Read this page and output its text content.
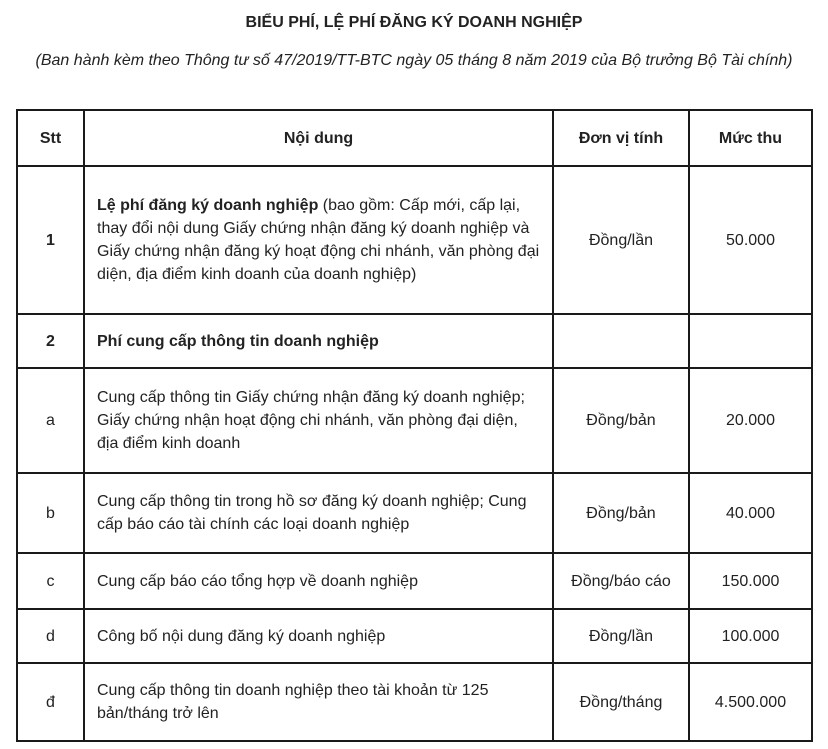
BIỂU PHÍ, LỆ PHÍ ĐĂNG KÝ DOANH NGHIỆP
(Ban hành kèm theo Thông tư số 47/2019/TT-BTC ngày 05 tháng 8 năm 2019 của Bộ trưởng Bộ Tài chính)
Stt	Nội dung	Đơn vị tính	Mức thu
1	Lệ phí đăng ký doanh nghiệp (bao gồm: Cấp mới, cấp lại, thay đổi nội dung Giấy chứng nhận đăng ký doanh nghiệp và Giấy chứng nhận đăng ký hoạt động chi nhánh, văn phòng đại diện, địa điểm kinh doanh của doanh nghiệp)	Đồng/lần	50.000
2	Phí cung cấp thông tin doanh nghiệp		
a	Cung cấp thông tin Giấy chứng nhận đăng ký doanh nghiệp; Giấy chứng nhận hoạt động chi nhánh, văn phòng đại diện, địa điểm kinh doanh	Đồng/bản	20.000
b	Cung cấp thông tin trong hồ sơ đăng ký doanh nghiệp; Cung cấp báo cáo tài chính các loại doanh nghiệp	Đồng/bản	40.000
c	Cung cấp báo cáo tổng hợp về doanh nghiệp	Đồng/báo cáo	150.000
d	Công bố nội dung đăng ký doanh nghiệp	Đồng/lần	100.000
đ	Cung cấp thông tin doanh nghiệp theo tài khoản từ 125 bản/tháng trở lên	Đồng/tháng	4.500.000
